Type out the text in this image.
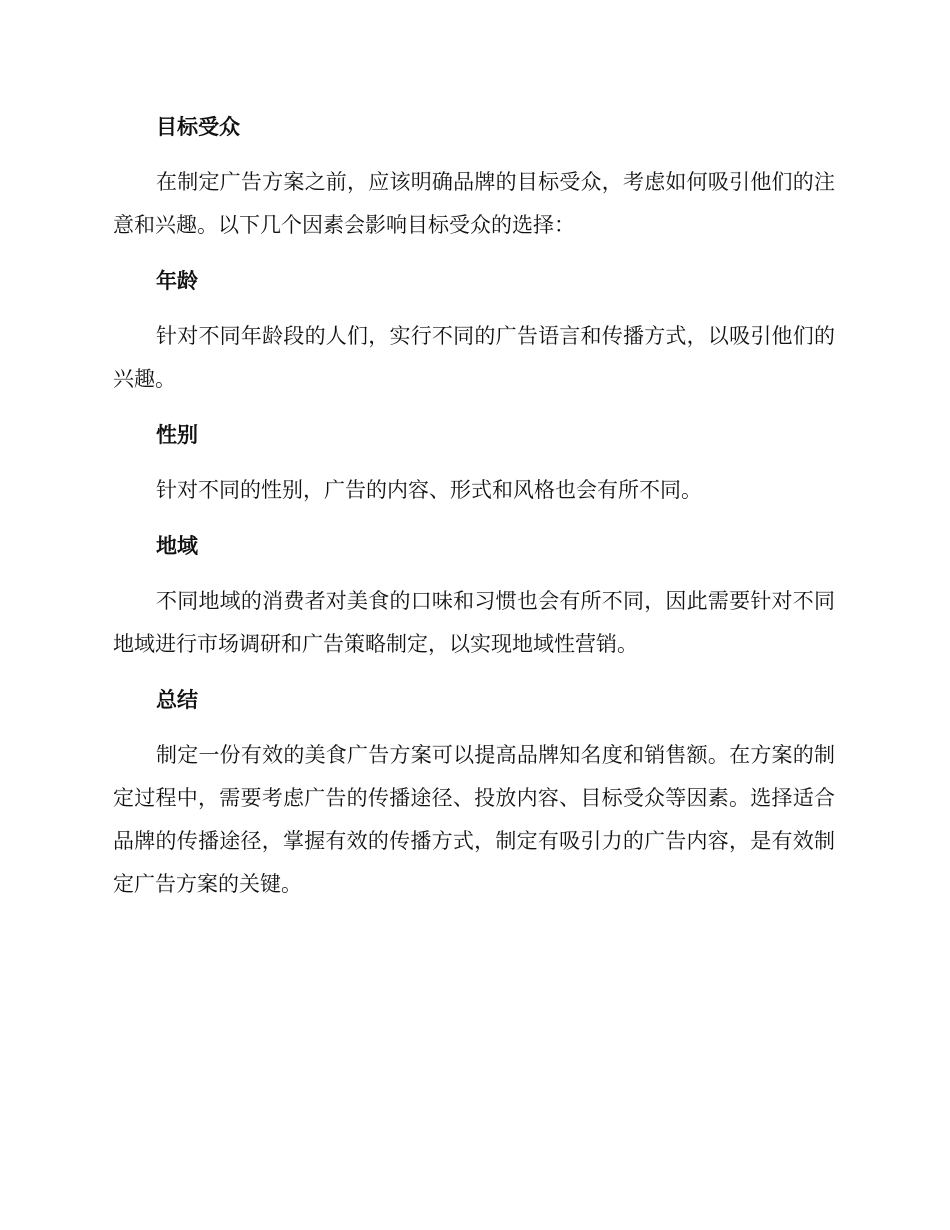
目标受众

在制定广告方案之前，应该明确品牌的目标受众，考虑如何吸引他们的注意和兴趣。以下几个因素会影响目标受众的选择：

年龄

针对不同年龄段的人们，实行不同的广告语言和传播方式，以吸引他们的兴趣。

性别

针对不同的性别，广告的内容、形式和风格也会有所不同。

地域

不同地域的消费者对美食的口味和习惯也会有所不同，因此需要针对不同地域进行市场调研和广告策略制定，以实现地域性营销。

总结

制定一份有效的美食广告方案可以提高品牌知名度和销售额。在方案的制定过程中，需要考虑广告的传播途径、投放内容、目标受众等因素。选择适合品牌的传播途径，掌握有效的传播方式，制定有吸引力的广告内容，是有效制定广告方案的关键。
